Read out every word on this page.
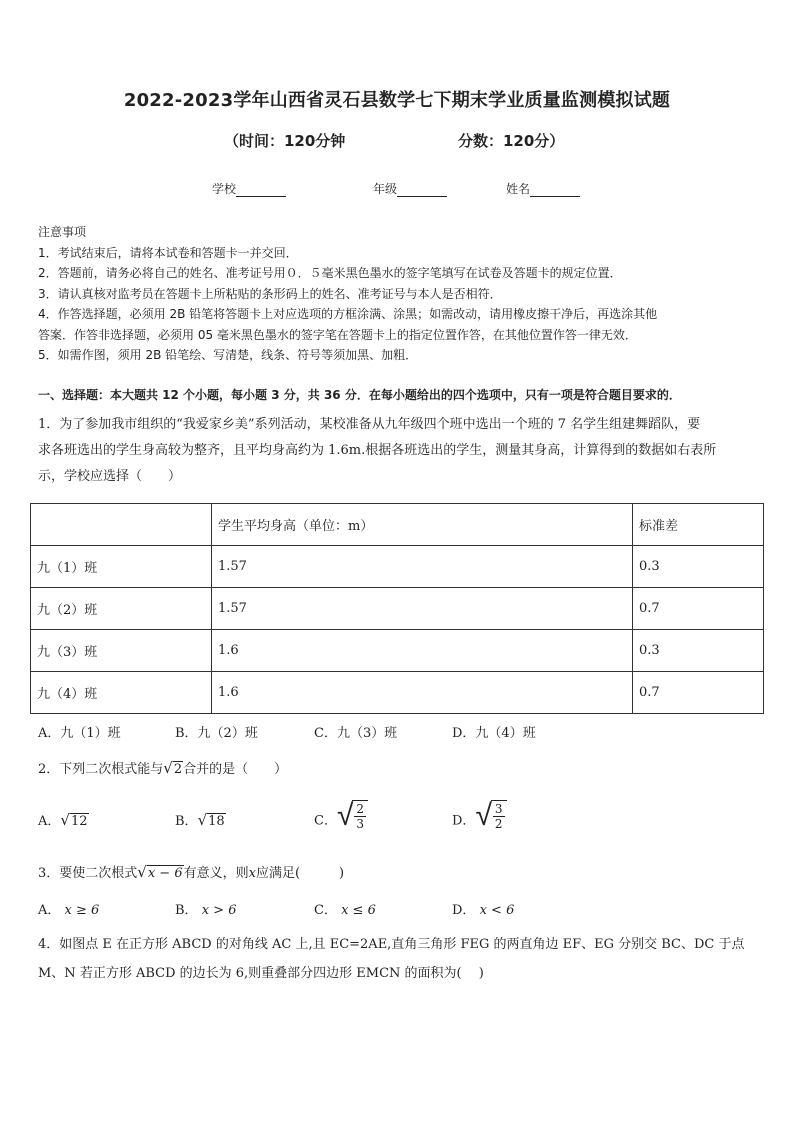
2022-2023学年山西省灵石县数学七下期末学业质量监测模拟试题
（时间：120分钟	分数：120分）
学校	年级	姓名
注意事项
1．考试结束后，请将本试卷和答题卡一并交回．
2．答题前，请务必将自己的姓名、准考证号用０．５毫米黑色墨水的签字笔填写在试卷及答题卡的规定位置．
3．请认真核对监考员在答题卡上所粘贴的条形码上的姓名、准考证号与本人是否相符．
4．作答选择题，必须用 2B 铅笔将答题卡上对应选项的方框涂满、涂黑；如需改动，请用橡皮擦干净后，再选涂其他
答案．作答非选择题，必须用 05 毫米黑色墨水的签字笔在答题卡上的指定位置作答，在其他位置作答一律无效．
5．如需作图，须用 2B 铅笔绘、写清楚，线条、符号等须加黑、加粗．
一、选择题：本大题共 12 个小题，每小题 3 分，共 36 分．在每小题给出的四个选项中，只有一项是符合题目要求的．
1．为了参加我市组织的“我爱家乡美”系列活动，某校准备从九年级四个班中选出一个班的 7 名学生组建舞蹈队，要
求各班选出的学生身高较为整齐，且平均身高约为 1.6m.根据各班选出的学生，测量其身高，计算得到的数据如右表所
示，学校应选择（　　）
	学生平均身高（单位：m）	标准差
九（1）班	1.57	0.3
九（2）班	1.57	0.7
九（3）班	1.6	0.3
九（4）班	1.6	0.7
A．九（1）班	B．九（2）班	C．九（3）班	D．九（4）班
2．下列二次根式能与√2合并的是（　　）
A．√12	B．√18	C． √ $\frac{2}{3}$	D． √ $\frac{3}{2}$
3．要使二次根式√x − 6有意义，则x应满足(　　　)
A． x ≥ 6	B． x > 6	C． x ≤ 6	D． x < 6
4．如图点 E 在正方形 ABCD 的对角线 AC 上,且 EC=2AE,直角三角形 FEG 的两直角边 EF、EG 分别交 BC、DC 于点
M、N 若正方形 ABCD 的边长为 6,则重叠部分四边形 EMCN 的面积为(　 )
